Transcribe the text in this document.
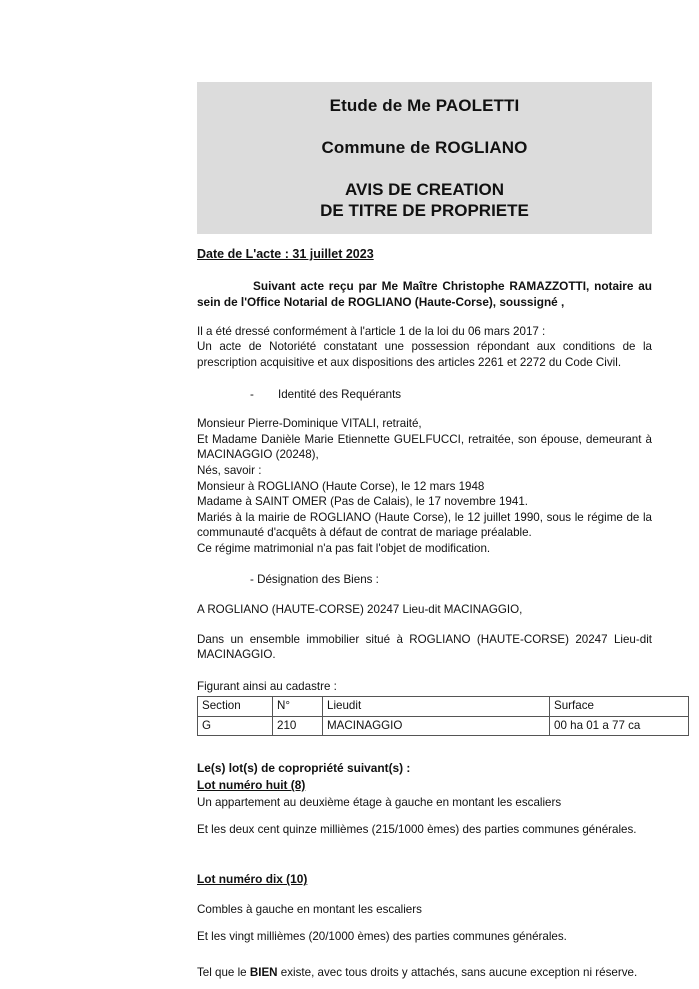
Etude de Me PAOLETTI
Commune de ROGLIANO
AVIS DE CREATION
DE TITRE DE PROPRIETE
Date de L'acte : 31 juillet 2023

Suivant acte reçu par Me Maître Christophe RAMAZZOTTI, notaire au sein de l'Office Notarial de ROGLIANO (Haute-Corse), soussigné ,

Il a été dressé conformément à l'article 1 de la loi du 06 mars 2017 :

Un acte de Notoriété constatant une possession répondant aux conditions de la prescription acquisitive et aux dispositions des articles 2261 et 2272 du Code Civil.

- Identité des Requérants

Monsieur Pierre-Dominique VITALI, retraité,

Et Madame Danièle Marie Etiennette GUELFUCCI, retraitée, son épouse, demeurant à MACINAGGIO (20248),

Nés, savoir :

Monsieur à ROGLIANO (Haute Corse), le 12 mars 1948

Madame à SAINT OMER (Pas de Calais), le 17 novembre 1941.

Mariés à la mairie de ROGLIANO (Haute Corse), le 12 juillet 1990, sous le régime de la communauté d'acquêts à défaut de contrat de mariage préalable.

Ce régime matrimonial n'a pas fait l'objet de modification.

- Désignation des Biens :

A ROGLIANO (HAUTE-CORSE) 20247 Lieu-dit MACINAGGIO,

Dans un ensemble immobilier situé à ROGLIANO (HAUTE-CORSE) 20247 Lieu-dit MACINAGGIO.

Figurant ainsi au cadastre :
Section	N°	Lieudit	Surface
G	210	MACINAGGIO	00 ha 01 a 77 ca
Le(s) lot(s) de copropriété suivant(s) :
Lot numéro huit (8)

Un appartement au deuxième étage à gauche en montant les escaliers

Et les deux cent quinze millièmes (215/1000 èmes) des parties communes générales.

Lot numéro dix (10)

Combles à gauche en montant les escaliers

Et les vingt millièmes (20/1000 èmes) des parties communes générales.

Tel que le BIEN existe, avec tous droits y attachés, sans aucune exception ni réserve.
